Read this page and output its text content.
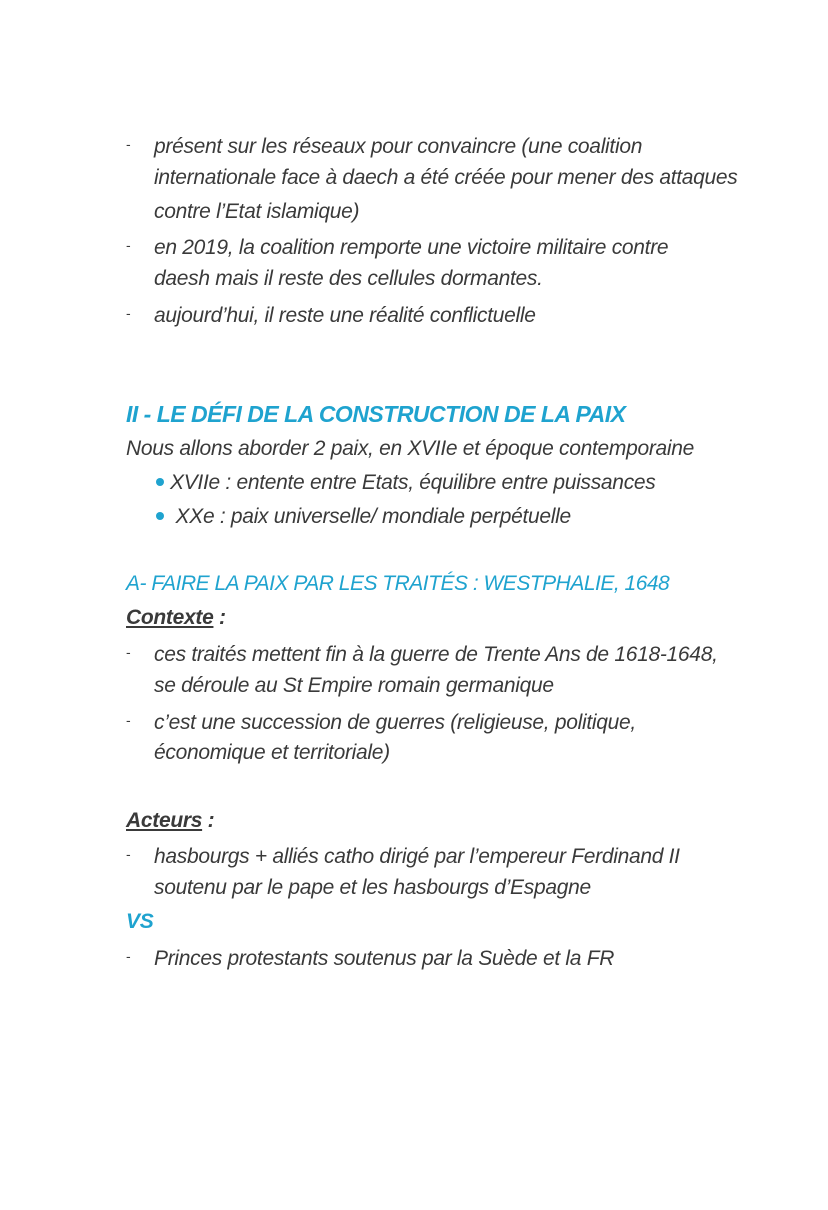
- présent sur les réseaux pour convaincre (une coalition
internationale face à daech a été créée pour mener des attaques
contre l’Etat islamique)
- en 2019, la coalition remporte une victoire militaire contre
daesh mais il reste des cellules dormantes.
- aujourd’hui, il reste une réalité conflictuelle
II - LE DÉFI DE LA CONSTRUCTION DE LA PAIX
Nous allons aborder 2 paix, en XVIIe et époque contemporaine
XVIIe : entente entre Etats, équilibre entre puissances
XXe : paix universelle/ mondiale perpétuelle
A- FAIRE LA PAIX PAR LES TRAITÉS : WESTPHALIE, 1648
Contexte :
- ces traités mettent fin à la guerre de Trente Ans de 1618-1648,
se déroule au St Empire romain germanique
- c’est une succession de guerres (religieuse, politique,
économique et territoriale)
Acteurs :
- hasbourgs + alliés catho dirigé par l’empereur Ferdinand II
soutenu par le pape et les hasbourgs d’Espagne
VS
- Princes protestants soutenus par la Suède et la FR
